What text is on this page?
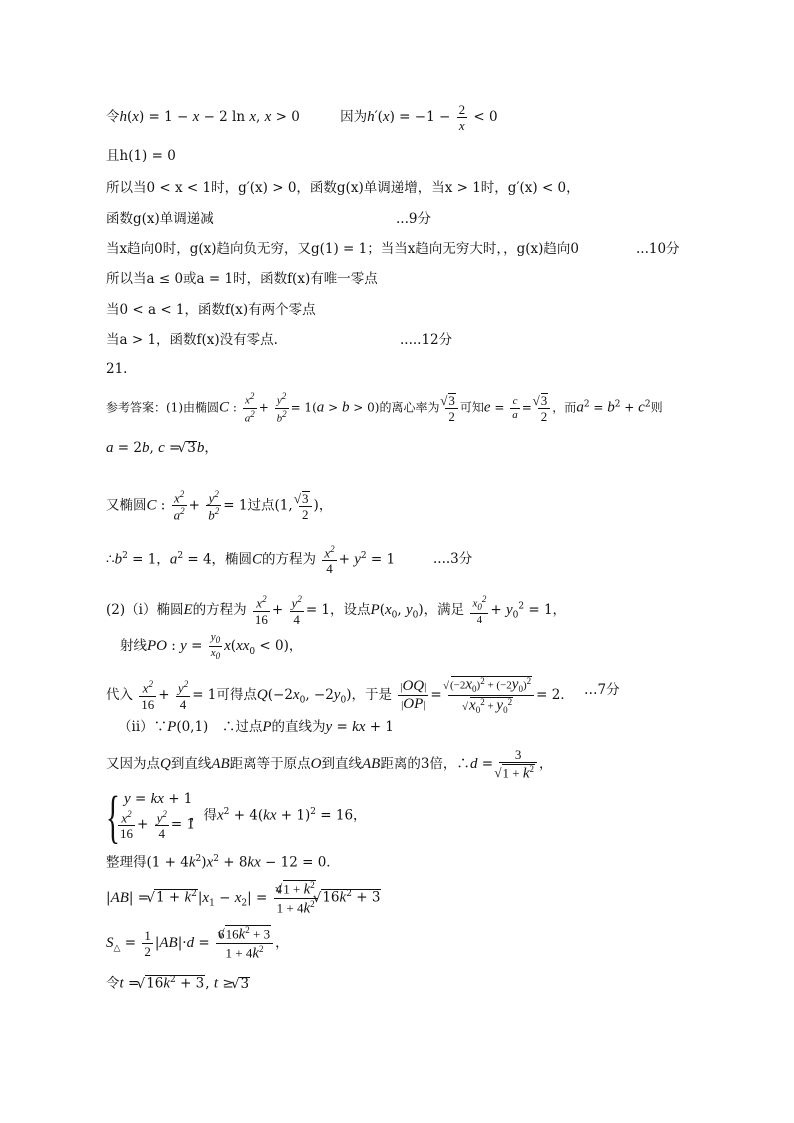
令h(x) = 1 − x − 2 ln x, x > 0	因为$h'(x) = -1 - \frac{2}{x} < 0$
且h(1) = 0
所以当0 < x < 1时，g′(x) > 0，函数g(x)单调递增，当x > 1时，g′(x) < 0，
函数g(x)单调递减	...9分
当x趋向0时，g(x)趋向负无穷，又g(1) = 1；当当x趋向无穷大时，，g(x)趋向0	...10分
所以当a ≤ 0或a = 1时，函数f(x)有唯一零点
当0 < a < 1，函数f(x)有两个零点
当a > 1，函数f(x)没有零点.	.....12分
21.
参考答案：(1)由椭圆C : $\frac{x^2}{a^2} + \frac{y^2}{b^2} = 1(a > b > 0)$的离心率为 √ $\frac{3}{2}$ 可知$e = \frac{c}{a}$ = √ $\frac{3}{2}$ ，而$a^2 = b^2 + c^2$则
a = 2b, c = √ 3b，
又椭圆C : $\frac{x^2}{a^2} + \frac{y^2}{b^2} = 1$过点(1, √ $\frac{3}{2}$ )，
$\therefore b^2 = 1$，$a^2 = 4$，椭圆C的方程为 $\frac{x^2}{4} + y^2 = 1$	....3分
(2)（i）椭圆E的方程为 $\frac{x^2}{16} + \frac{y^2}{4} = 1$，设点$P(x_0$, $y_0$)，满足 $\frac{x_0^2}{4} + y_0^2 = 1$，
射线PO : $y = \frac{y_0}{x_0} x(xx_0 < 0)$，
代入 $\frac{x^2}{16} + \frac{y^2}{4} = 1$可得点$Q(-2x_0$, $-2y_0$)，于是 $\frac{|OQ|}{|OP|}$ = √ $(-2x_0)^2 + (-2y_0)^2$
√ $x_0^2 + y_0^2 = 2$． …7分
（ii）∵P(0,1)　∴过点P的直线为y = kx + 1
又因为点Q到直线AB距离等于原点O到直线AB距离的3倍，∴d = 3
√ $1 + k^2$ ，
{ y = kx + 1
$\frac{x^2}{16} + \frac{y^2}{4} = 1$
，得$x^2 + 4(kx + 1)^2 = 16$，
整理得$(1 + 4k^2)x^2 + 8kx - 12 = 0$．
|AB| = √ $1 + k^2|x_1 - x_2| = \frac{4√ 1 + k^2}{1 + 4k^2}$ √ $16k^2 + 3$
$S_\triangle = \frac{1}{2} |AB|\cdot d = \frac{6√ 16k^2 + 3}{1 + 4k^2}$ ，
令t = √ $16k^2 + 3$, t ≥ √ 3
